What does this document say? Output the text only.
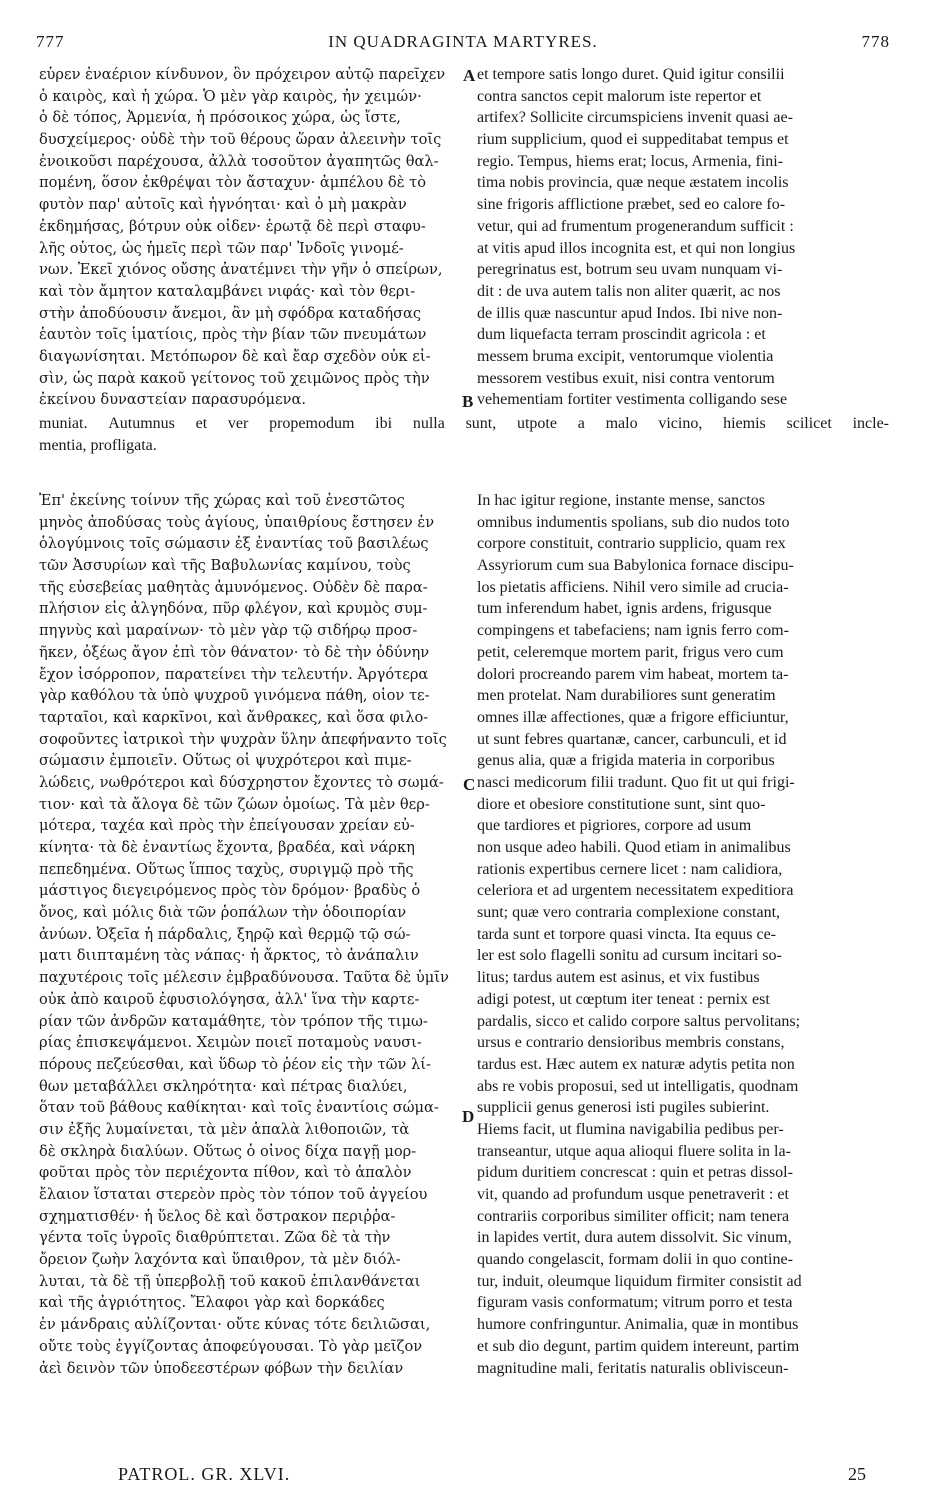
777	IN QUADRAGINTA MARTYRES.	778
εὗρεν ἐναέριον κίνδυνον, ὃν πρόχειρον αὐτῷ παρεῖχεν
ὁ καιρὸς, καὶ ἡ χώρα. Ὁ μὲν γὰρ καιρὸς, ἦν χειμών·
ὁ δὲ τόπος, Ἀρμενία, ἡ πρόσοικος χώρα, ὡς ἴστε,
δυσχείμερος· οὐδὲ τὴν τοῦ θέρους ὥραν ἀλεεινὴν τοῖς
ἐνοικοῦσι παρέχουσα, ἀλλὰ τοσοῦτον ἀγαπητῶς θαλ-
πομένη, ὅσον ἐκθρέψαι τὸν ἄσταχυν· ἀμπέλου δὲ τὸ
φυτὸν παρ' αὐτοῖς καὶ ἠγνόηται· καὶ ὁ μὴ μακρὰν
ἐκδημήσας, βότρυν οὐκ οἶδεν· ἐρωτᾷ δὲ περὶ σταφυ-
λῆς οὗτος, ὡς ἡμεῖς περὶ τῶν παρ' Ἰνδοῖς γινομέ-
νων. Ἐκεῖ χιόνος οὔσης ἀνατέμνει τὴν γῆν ὁ σπείρων,
καὶ τὸν ἄμητον καταλαμβάνει νιφάς· καὶ τὸν θερι-
στὴν ἀποδύουσιν ἄνεμοι, ἂν μὴ σφόδρα καταδήσας
ἑαυτὸν τοῖς ἱματίοις, πρὸς τὴν βίαν τῶν πνευμάτων
διαγωνίσηται. Μετόπωρον δὲ καὶ ἔαρ σχεδὸν οὐκ εἰ-
σὶν, ὡς παρὰ κακοῦ γείτονος τοῦ χειμῶνος πρὸς τὴν
ἐκείνου δυναστείαν παρασυρόμενα.
et tempore satis longo duret. Quid igitur consilii
contra sanctos cepit malorum iste repertor et
artifex? Sollicite circumspiciens invenit quasi ae-
rium supplicium, quod ei suppeditabat tempus et
regio. Tempus, hiems erat; locus, Armenia, fini-
tima nobis provincia, quæ neque æstatem incolis
sine frigoris afflictione præbet, sed eo calore fo-
vetur, qui ad frumentum progenerandum sufficit :
at vitis apud illos incognita est, et qui non longius
peregrinatus est, botrum seu uvam nunquam vi-
dit : de uva autem talis non aliter quærit, ac nos
de illis quæ nascuntur apud Indos. Ibi nive non-
dum liquefacta terram proscindit agricola : et
messem bruma excipit, ventorumque violentia
messorem vestibus exuit, nisi contra ventorum
vehementiam fortiter vestimenta colligando sese
muniat. Autumnus et ver propemodum ibi nulla sunt, utpote a malo vicino, hiemis scilicet incle-
mentia, profligata.
Ἐπ' ἐκείνης τοίνυν τῆς χώρας καὶ τοῦ ἐνεστῶτος
μηνὸς ἀποδύσας τοὺς ἁγίους, ὑπαιθρίους ἔστησεν ἐν
ὁλογύμνοις τοῖς σώμασιν ἐξ ἐναντίας τοῦ βασιλέως
τῶν Ἀσσυρίων καὶ τῆς Βαβυλωνίας καμίνου, τοὺς
τῆς εὐσεβείας μαθητὰς ἀμυνόμενος. Οὐδὲν δὲ παρα-
πλήσιον εἰς ἀλγηδόνα, πῦρ φλέγον, καὶ κρυμὸς συμ-
πηγνὺς καὶ μαραίνων· τὸ μὲν γὰρ τῷ σιδήρῳ προσ-
ῆκεν, ὀξέως ἄγον ἐπὶ τὸν θάνατον· τὸ δὲ τὴν ὀδύνην
ἔχον ἰσόρροπον, παρατείνει τὴν τελευτήν. Ἀργότερα
γὰρ καθόλου τὰ ὑπὸ ψυχροῦ γινόμενα πάθη, οἷον τε-
ταρταῖοι, καὶ καρκῖνοι, καὶ ἄνθρακες, καὶ ὅσα φιλο-
σοφοῦντες ἰατρικοὶ τὴν ψυχρὰν ὕλην ἀπεφήναντο τοῖς
σώμασιν ἐμποιεῖν. Οὕτως οἱ ψυχρότεροι καὶ πιμε-
λώδεις, νωθρότεροι καὶ δύσχρηστον ἔχοντες τὸ σωμά-
τιον· καὶ τὰ ἄλογα δὲ τῶν ζώων ὁμοίως. Τὰ μὲν θερ-
μότερα, ταχέα καὶ πρὸς τὴν ἐπείγουσαν χρείαν εὐ-
κίνητα· τὰ δὲ ἐναντίως ἔχοντα, βραδέα, καὶ νάρκη
πεπεδημένα. Οὕτως ἵππος ταχὺς, συριγμῷ πρὸ τῆς
μάστιγος διεγειρόμενος πρὸς τὸν δρόμον· βραδὺς ὁ
ὄνος, καὶ μόλις διὰ τῶν ῥοπάλων τὴν ὁδοιπορίαν
ἀνύων. Ὀξεῖα ἡ πάρδαλις, ξηρῷ καὶ θερμῷ τῷ σώ-
ματι διιπταμένη τὰς νάπας· ἡ ἄρκτος, τὸ ἀνάπαλιν
παχυτέροις τοῖς μέλεσιν ἐμβραδύνουσα. Ταῦτα δὲ ὑμῖν
οὐκ ἀπὸ καιροῦ ἐφυσιολόγησα, ἀλλ' ἵνα τὴν καρτε-
ρίαν τῶν ἀνδρῶν καταμάθητε, τὸν τρόπον τῆς τιμω-
ρίας ἐπισκεψάμενοι. Χειμὼν ποιεῖ ποταμοὺς ναυσι-
πόρους πεζεύεσθαι, καὶ ὕδωρ τὸ ῥέον εἰς τὴν τῶν λί-
θων μεταβάλλει σκληρότητα· καὶ πέτρας διαλύει,
ὅταν τοῦ βάθους καθίκηται· καὶ τοῖς ἐναντίοις σώμα-
σιν ἐξῆς λυμαίνεται, τὰ μὲν ἁπαλὰ λιθοποιῶν, τὰ
δὲ σκληρὰ διαλύων. Οὕτως ὁ οἶνος δίχα παγῇ μορ-
φοῦται πρὸς τὸν περιέχοντα πίθον, καὶ τὸ ἁπαλὸν
ἔλαιον ἵσταται στερεὸν πρὸς τὸν τόπον τοῦ ἀγγείου
σχηματισθέν· ἡ ὕελος δὲ καὶ ὄστρακον περιῤῥα-
γέντα τοῖς ὑγροῖς διαθρύπτεται. Ζῶα δὲ τὰ τὴν
ὄρειον ζωὴν λαχόντα καὶ ὕπαιθρον, τὰ μὲν διόλ-
λυται, τὰ δὲ τῇ ὑπερβολῇ τοῦ κακοῦ ἐπιλανθάνεται
καὶ τῆς ἀγριότητος. Ἔλαφοι γὰρ καὶ δορκάδες
ἐν μάνδραις αὐλίζονται· οὔτε κύνας τότε δειλιῶσαι,
οὔτε τοὺς ἐγγίζοντας ἀποφεύγουσαι. Τὸ γὰρ μεῖζον
ἀεὶ δεινὸν τῶν ὑποδεεστέρων φόβων τὴν δειλίαν
In hac igitur regione, instante mense, sanctos
omnibus indumentis spolians, sub dio nudos toto
corpore constituit, contrario supplicio, quam rex
Assyriorum cum sua Babylonica fornace discipu-
los pietatis afficiens. Nihil vero simile ad crucia-
tum inferendum habet, ignis ardens, frigusque
compingens et tabefaciens; nam ignis ferro com-
petit, celeremque mortem parit, frigus vero cum
dolori procreando parem vim habeat, mortem ta-
men protelat. Nam durabiliores sunt generatim
omnes illæ affectiones, quæ a frigore efficiuntur,
ut sunt febres quartanæ, cancer, carbunculi, et id
genus alia, quæ a frigida materia in corporibus
nasci medicorum filii tradunt. Quo fit ut qui frigi-
diore et obesiore constitutione sunt, sint quo-
que tardiores et pigriores, corpore ad usum
non usque adeo habili. Quod etiam in animalibus
rationis expertibus cernere licet : nam calidiora,
celeriora et ad urgentem necessitatem expeditiora
sunt; quæ vero contraria complexione constant,
tarda sunt et torpore quasi vincta. Ita equus ce-
ler est solo flagelli sonitu ad cursum incitari so-
litus; tardus autem est asinus, et vix fustibus
adigi potest, ut cœptum iter teneat : pernix est
pardalis, sicco et calido corpore saltus pervolitans;
ursus e contrario densioribus membris constans,
tardus est. Hæc autem ex naturæ adytis petita non
abs re vobis proposui, sed ut intelligatis, quodnam
supplicii genus generosi isti pugiles subierint.
Hiems facit, ut flumina navigabilia pedibus per-
transeantur, utque aqua alioqui fluere solita in la-
pidum duritiem concrescat : quin et petras dissol-
vit, quando ad profundum usque penetraverit : et
contrariis corporibus similiter officit; nam tenera
in lapides vertit, dura autem dissolvit. Sic vinum,
quando congelascit, formam dolii in quo contine-
tur, induit, oleumque liquidum firmiter consistit ad
figuram vasis conformatum; vitrum porro et testa
humore confringuntur. Animalia, quæ in montibus
et sub dio degunt, partim quidem intereunt, partim
magnitudine mali, feritatis naturalis oblivisceun-
A
B
C
D
PATROL. GR. XLVI.	25
